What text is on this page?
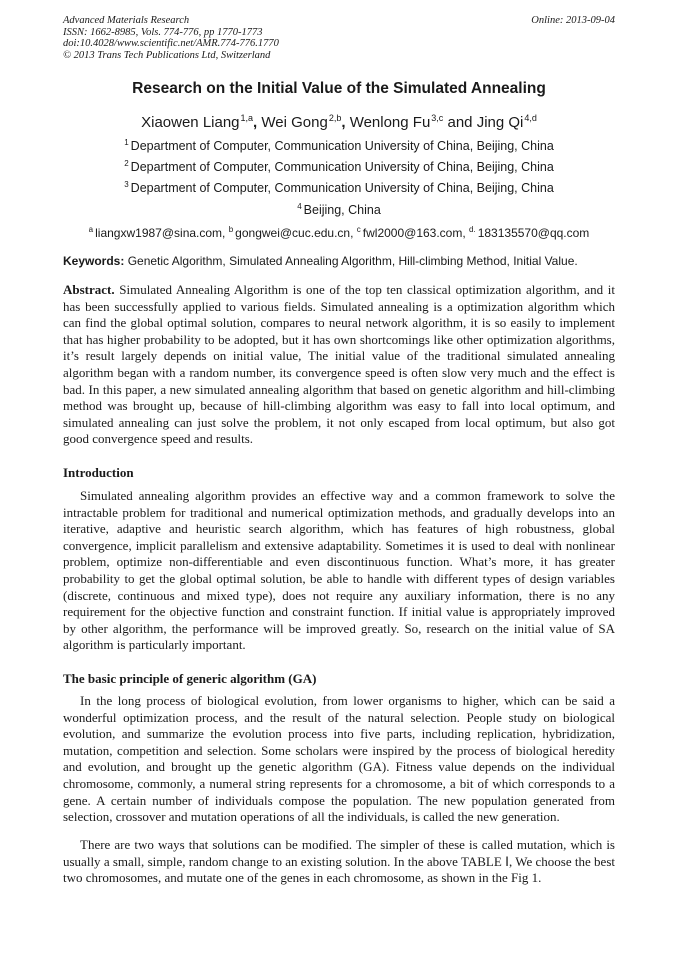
Advanced Materials Research
ISSN: 1662-8985, Vols. 774-776, pp 1770-1773
doi:10.4028/www.scientific.net/AMR.774-776.1770
© 2013 Trans Tech Publications Ltd, Switzerland
Online: 2013-09-04
Research on the Initial Value of the Simulated Annealing
Xiaowen Liang$^{1,a}$, Wei Gong$^{2,b}$, Wenlong Fu$^{3,c}$ and Jing Qi$^{4,d}$
$^1$ Department of Computer, Communication University of China, Beijing, China
$^2$ Department of Computer, Communication University of China, Beijing, China
$^3$ Department of Computer, Communication University of China, Beijing, China
$^4$ Beijing, China
$^a$ liangxw1987@sina.com, $^b$ gongwei@cuc.edu.cn, $^c$ fwl2000@163.com, $^{d.}$ 183135570@qq.com
Keywords: Genetic Algorithm, Simulated Annealing Algorithm, Hill-climbing Method, Initial Value.

Abstract. Simulated Annealing Algorithm is one of the top ten classical optimization algorithm, and it has been successfully applied to various fields. Simulated annealing is a optimization algorithm which can find the global optimal solution, compares to neural network algorithm, it is so easily to implement that has higher probability to be adopted, but it has own shortcomings like other optimization algorithms, it’s result largely depends on initial value, The initial value of the traditional simulated annealing algorithm began with a random number, its convergence speed is often slow very much and the effect is bad. In this paper, a new simulated annealing algorithm that based on genetic algorithm and hill-climbing method was brought up, because of hill-climbing algorithm was easy to fall into local optimum, and simulated annealing can just solve the problem, it not only escaped from local optimum, but also got good convergence speed and results.

Introduction

Simulated annealing algorithm provides an effective way and a common framework to solve the intractable problem for traditional and numerical optimization methods, and gradually develops into an iterative, adaptive and heuristic search algorithm, which has features of high robustness, global convergence, implicit parallelism and extensive adaptability. Sometimes it is used to deal with nonlinear problem, optimize non-differentiable and even discontinuous function. What’s more, it has greater probability to get the global optimal solution, be able to handle with different types of design variables (discrete, continuous and mixed type), does not require any auxiliary information, there is no any requirement for the objective function and constraint function. If initial value is appropriately improved by other algorithm, the performance will be improved greatly. So, research on the initial value of SA algorithm is particularly important.

The basic principle of generic algorithm (GA)

In the long process of biological evolution, from lower organisms to higher, which can be said a wonderful optimization process, and the result of the natural selection. People study on biological evolution, and summarize the evolution process into five parts, including replication, hybridization, mutation, competition and selection. Some scholars were inspired by the process of biological heredity and evolution, and brought up the genetic algorithm (GA). Fitness value depends on the individual chromosome, commonly, a numeral string represents for a chromosome, a bit of which corresponds to a gene. A certain number of individuals compose the population. The new population generated from selection, crossover and mutation operations of all the individuals, is called the new generation.

There are two ways that solutions can be modified. The simpler of these is called mutation, which is usually a small, simple, random change to an existing solution. In the above TABLE Ⅰ, We choose the best two chromosomes, and mutate one of the genes in each chromosome, as shown in the Fig 1.
